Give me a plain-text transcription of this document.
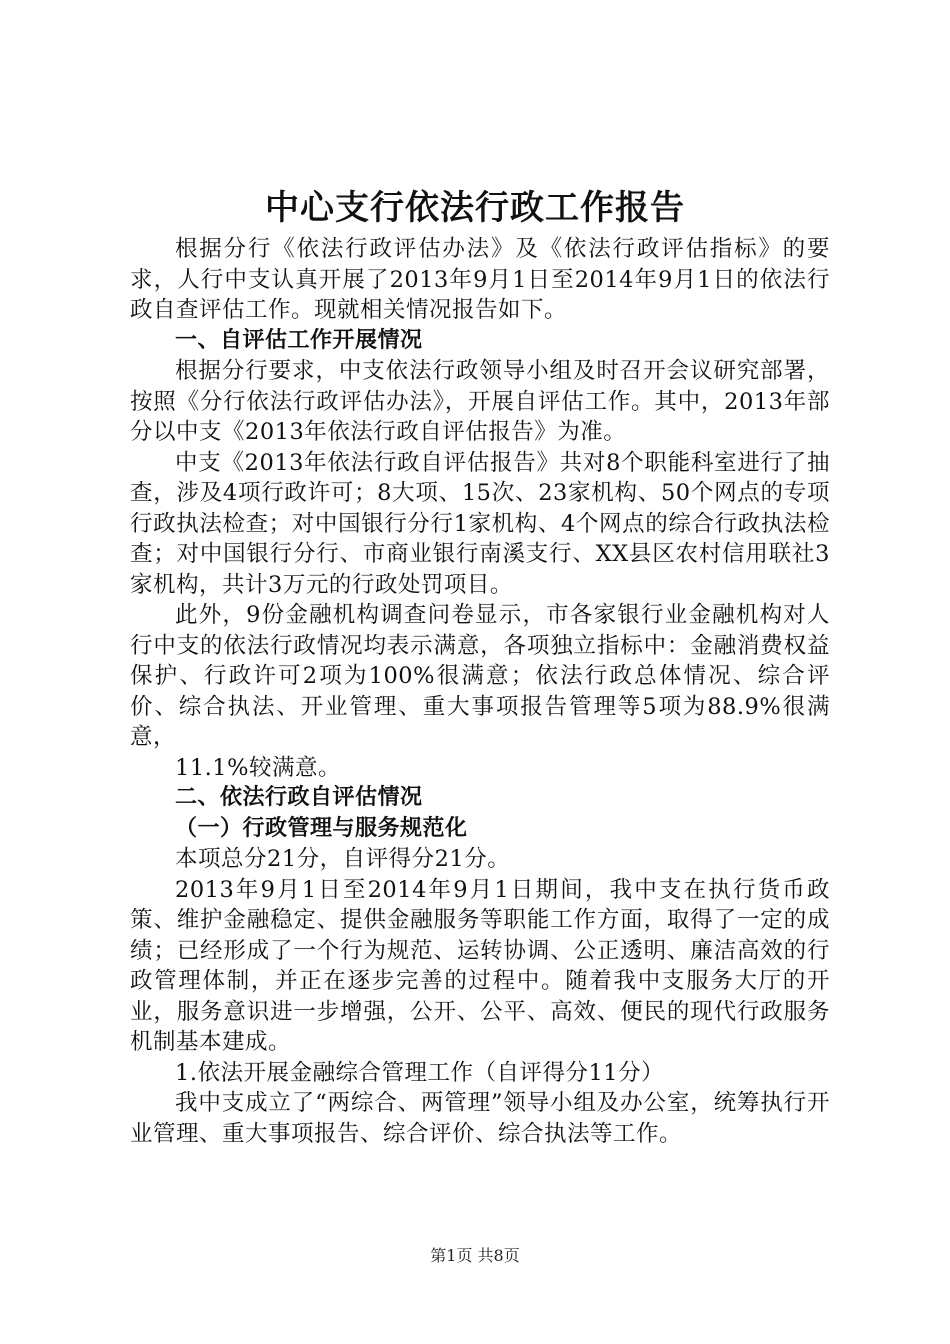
中心支行依法行政工作报告

根据分行《依法行政评估办法》及《依法行政评估指标》的要求，人行中支认真开展了2013年9月1日至2014年9月1日的依法行政自查评估工作。现就相关情况报告如下。

一、自评估工作开展情况

根据分行要求，中支依法行政领导小组及时召开会议研究部署，按照《分行依法行政评估办法》，开展自评估工作。其中，2013年部分以中支《2013年依法行政自评估报告》为准。

中支《2013年依法行政自评估报告》共对8个职能科室进行了抽查，涉及4项行政许可；8大项、15次、23家机构、50个网点的专项行政执法检查；对中国银行分行1家机构、4个网点的综合行政执法检查；对中国银行分行、市商业银行南溪支行、XX县区农村信用联社3家机构，共计3万元的行政处罚项目。

此外，9份金融机构调查问卷显示，市各家银行业金融机构对人行中支的依法行政情况均表示满意，各项独立指标中：金融消费权益保护、行政许可2项为100%很满意；依法行政总体情况、综合评价、综合执法、开业管理、重大事项报告管理等5项为88.9%很满意，

11.1%较满意。

二、依法行政自评估情况

（一）行政管理与服务规范化

本项总分21分，自评得分21分。

2013年9月1日至2014年9月1日期间，我中支在执行货币政策、维护金融稳定、提供金融服务等职能工作方面，取得了一定的成绩；已经形成了一个行为规范、运转协调、公正透明、廉洁高效的行政管理体制，并正在逐步完善的过程中。随着我中支服务大厅的开业，服务意识进一步增强，公开、公平、高效、便民的现代行政服务机制基本建成。

1.依法开展金融综合管理工作（自评得分11分）

我中支成立了“两综合、两管理”领导小组及办公室，统筹执行开业管理、重大事项报告、综合评价、综合执法等工作。

第1页 共8页
